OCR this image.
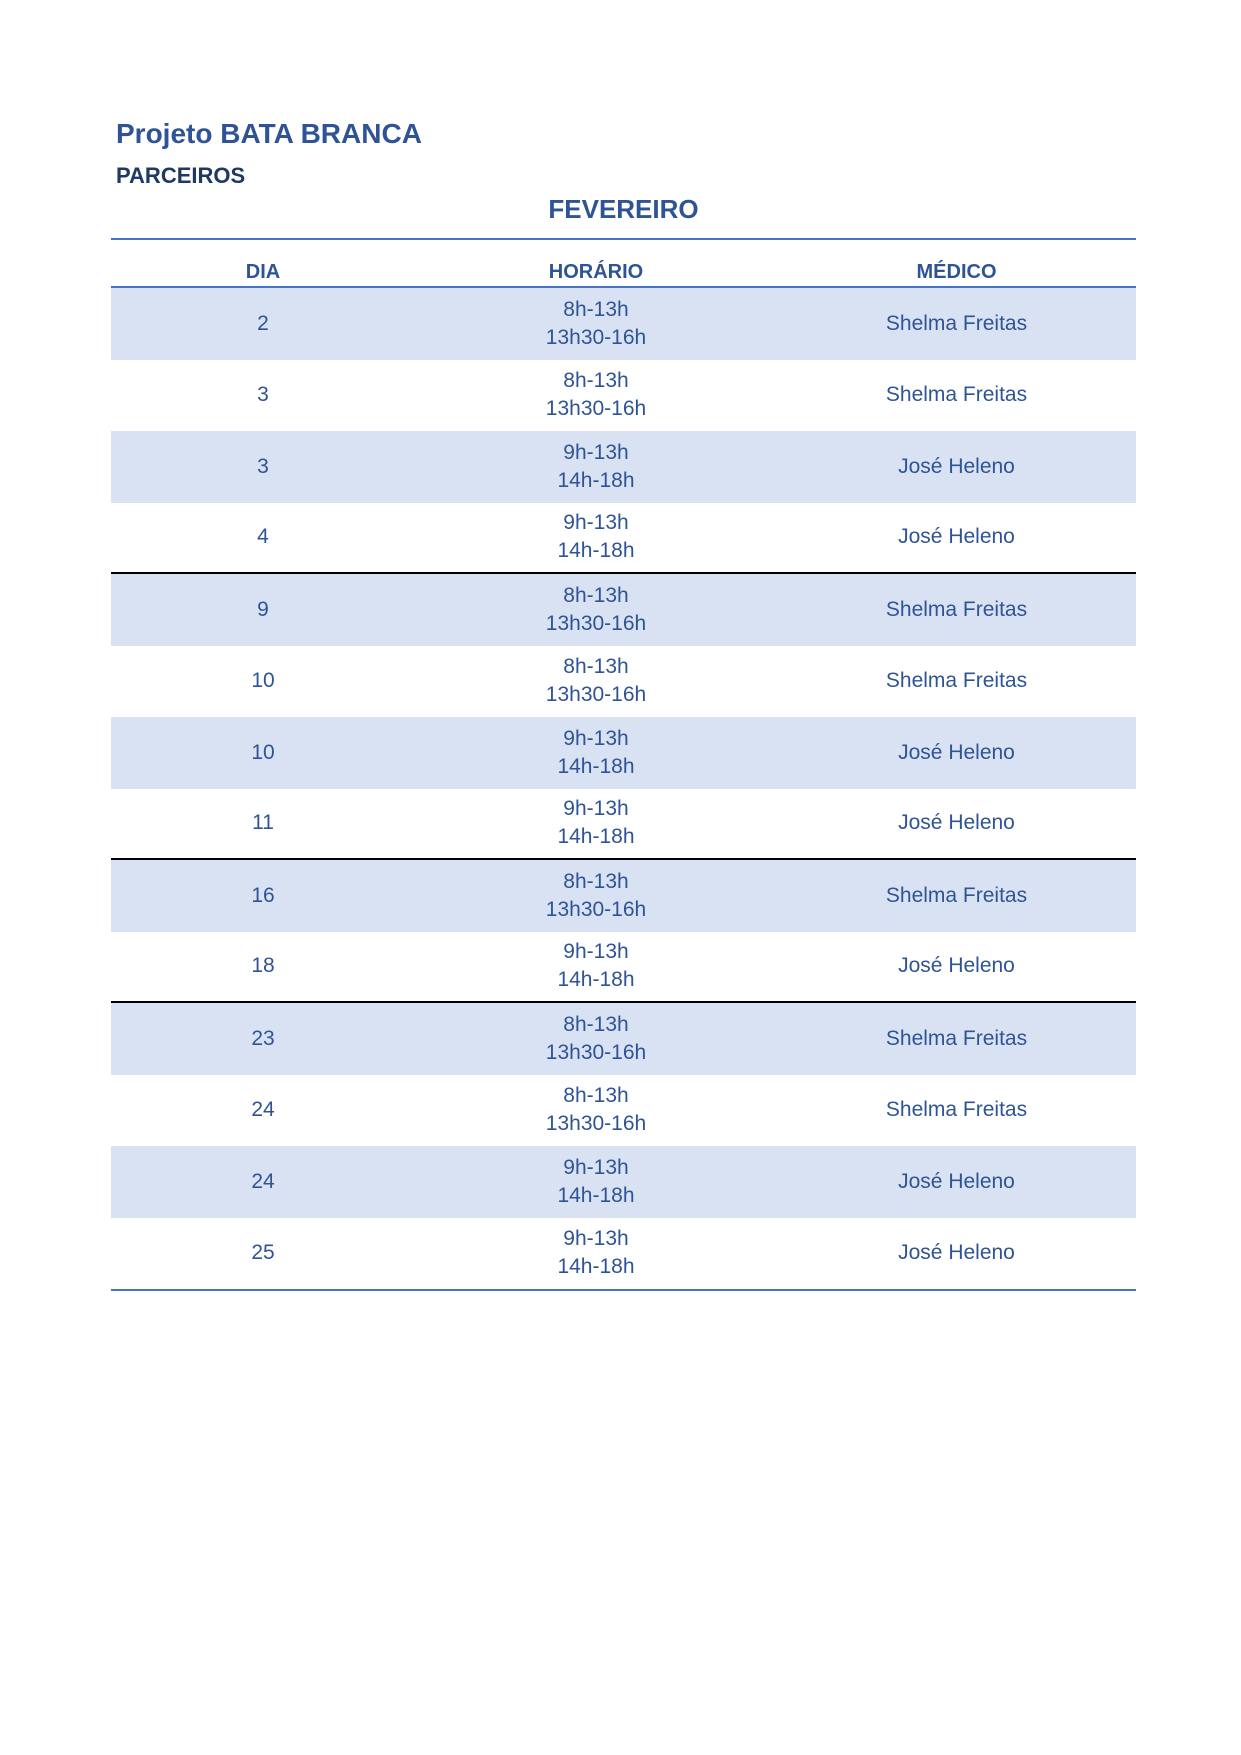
Projeto BATA BRANCA
PARCEIROS
FEVEREIRO
DIA	HORÁRIO	MÉDICO
2
8h-13h
13h30-16h
Shelma Freitas
3
8h-13h
13h30-16h
Shelma Freitas
3
9h-13h
14h-18h
José Heleno
4
9h-13h
14h-18h
José Heleno
9
8h-13h
13h30-16h
Shelma Freitas
10
8h-13h
13h30-16h
Shelma Freitas
10
9h-13h
14h-18h
José Heleno
11
9h-13h
14h-18h
José Heleno
16
8h-13h
13h30-16h
Shelma Freitas
18
9h-13h
14h-18h
José Heleno
23
8h-13h
13h30-16h
Shelma Freitas
24
8h-13h
13h30-16h
Shelma Freitas
24
9h-13h
14h-18h
José Heleno
25
9h-13h
14h-18h
José Heleno
